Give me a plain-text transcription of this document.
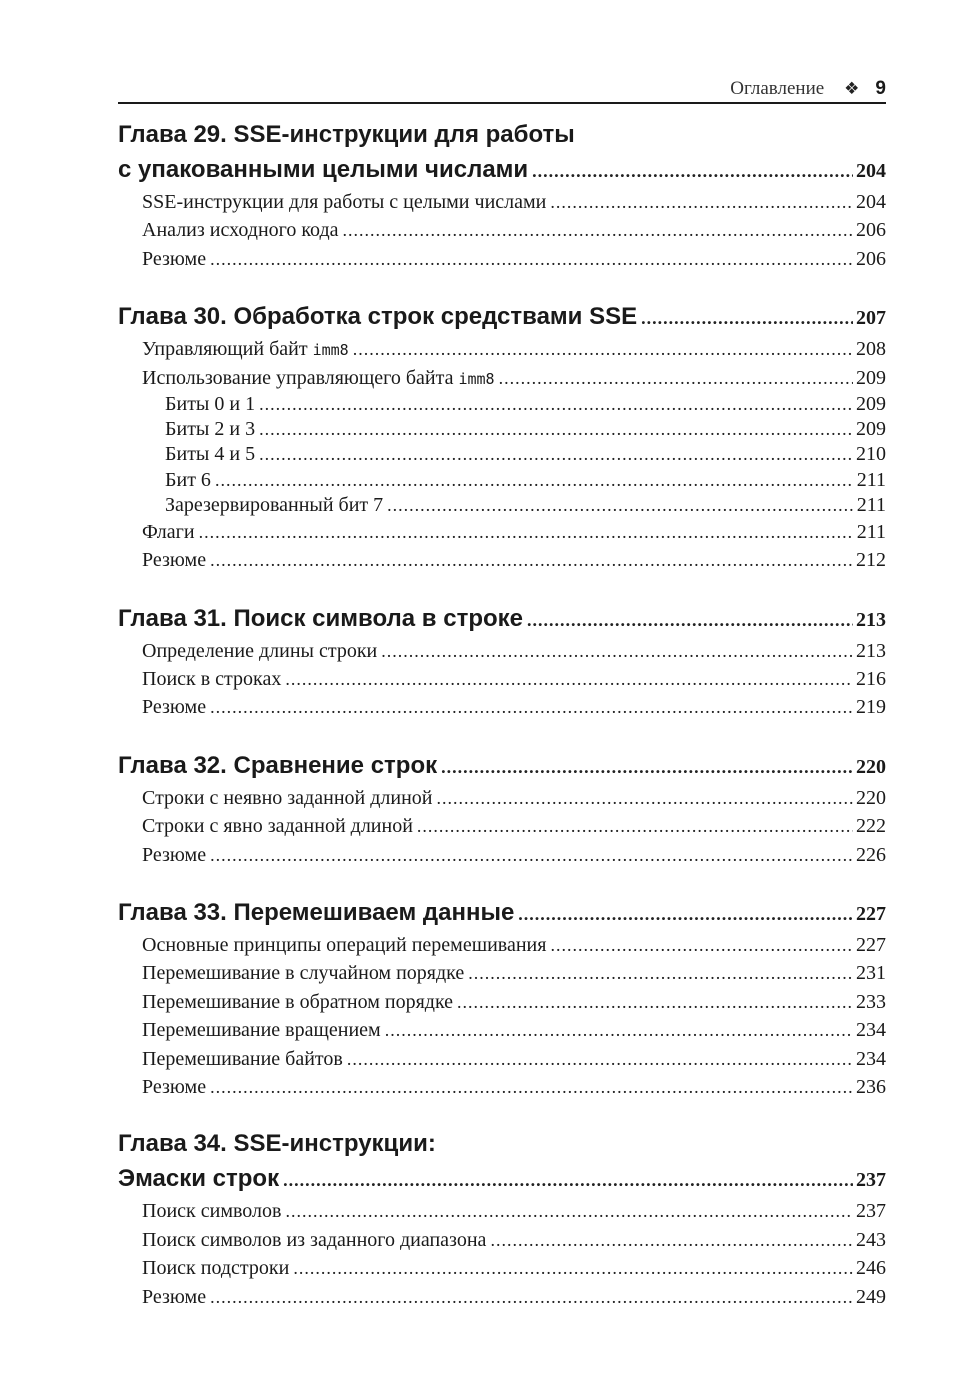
Оглавление ❖ 9
Глава 29. SSE-инструкции для работы
с упакованными целыми числами .....	204
SSE-инструкции для работы с целыми числами .....	204
Анализ исходного кода .....	206
Резюме .....	206
Глава 30. Обработка строк средствами SSE .....	207
Управляющий байт imm8 .....	208
Использование управляющего байта imm8 .....	209
Биты 0 и 1 .....	209
Биты 2 и 3 .....	209
Биты 4 и 5 .....	210
Бит 6 .....	211
Зарезервированный бит 7 .....	211
Флаги .....	211
Резюме .....	212
Глава 31. Поиск символа в строке .....	213
Определение длины строки .....	213
Поиск в строках .....	216
Резюме .....	219
Глава 32. Сравнение строк .....	220
Строки с неявно заданной длиной .....	220
Строки с явно заданной длиной .....	222
Резюме .....	226
Глава 33. Перемешиваем данные .....	227
Основные принципы операций перемешивания .....	227
Перемешивание в случайном порядке .....	231
Перемешивание в обратном порядке .....	233
Перемешивание вращением .....	234
Перемешивание байтов .....	234
Резюме .....	236
Глава 34. SSE-инструкции:
Эмаски строк .....	237
Поиск символов .....	237
Поиск символов из заданного диапазона .....	243
Поиск подстроки .....	246
Резюме .....	249
